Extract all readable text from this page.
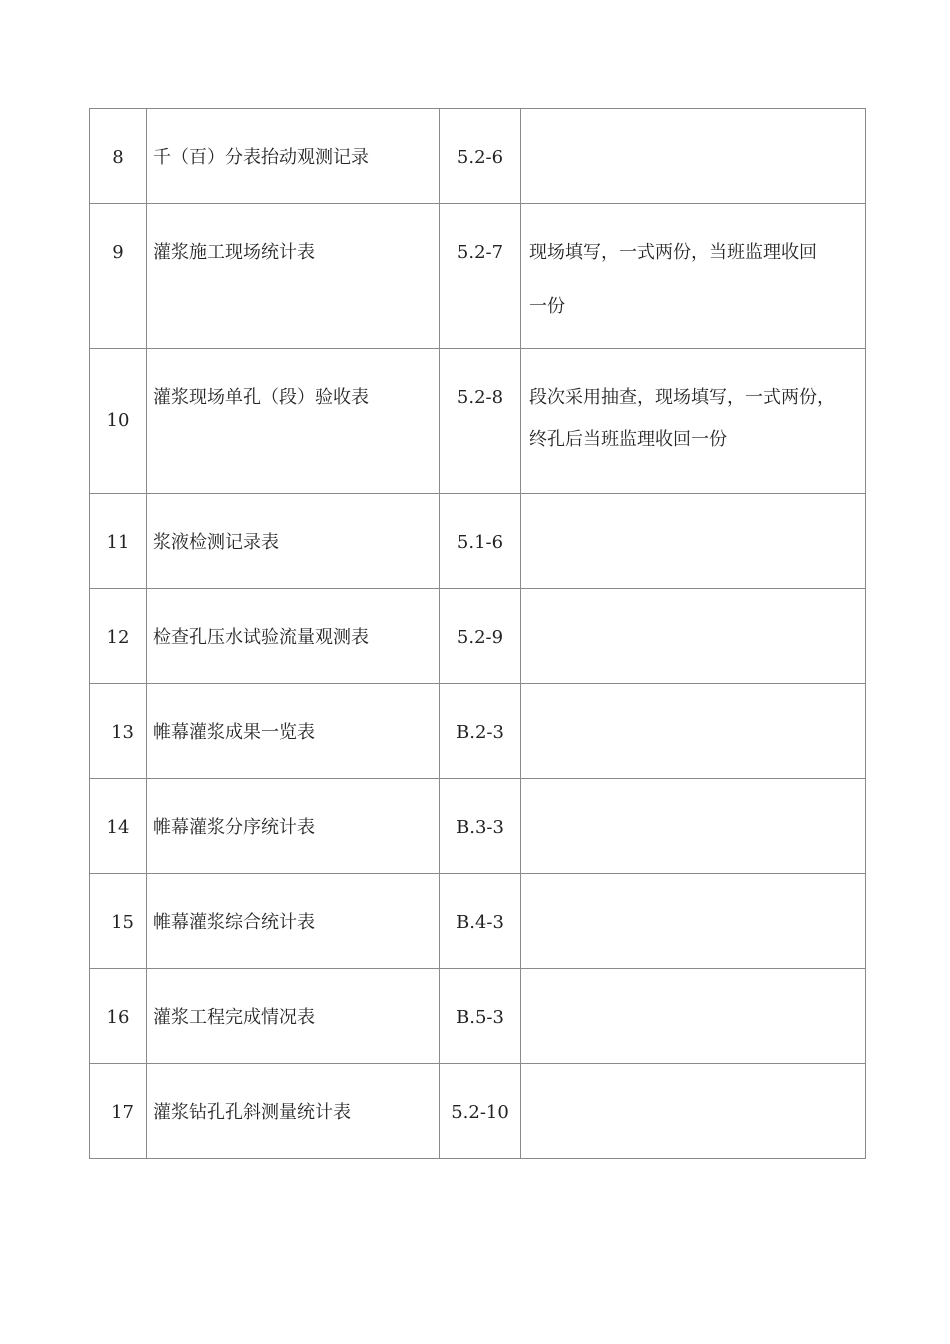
8	千（百）分表抬动观测记录	5.2-6	
9	灌浆施工现场统计表	5.2-7	现场填写，一式两份，当班监理收回
一份

10	灌浆现场单孔（段）验收表	5.2-8	段次采用抽查，现场填写，一式两份，
终孔后当班监理收回一份

11	浆液检测记录表	5.1-6	
12	检查孔压水试验流量观测表	5.2-9	
13	帷幕灌浆成果一览表	B.2-3	
14	帷幕灌浆分序统计表	B.3-3	
15	帷幕灌浆综合统计表	B.4-3	
16	灌浆工程完成情况表	B.5-3	
17	灌浆钻孔孔斜测量统计表	5.2-10	
